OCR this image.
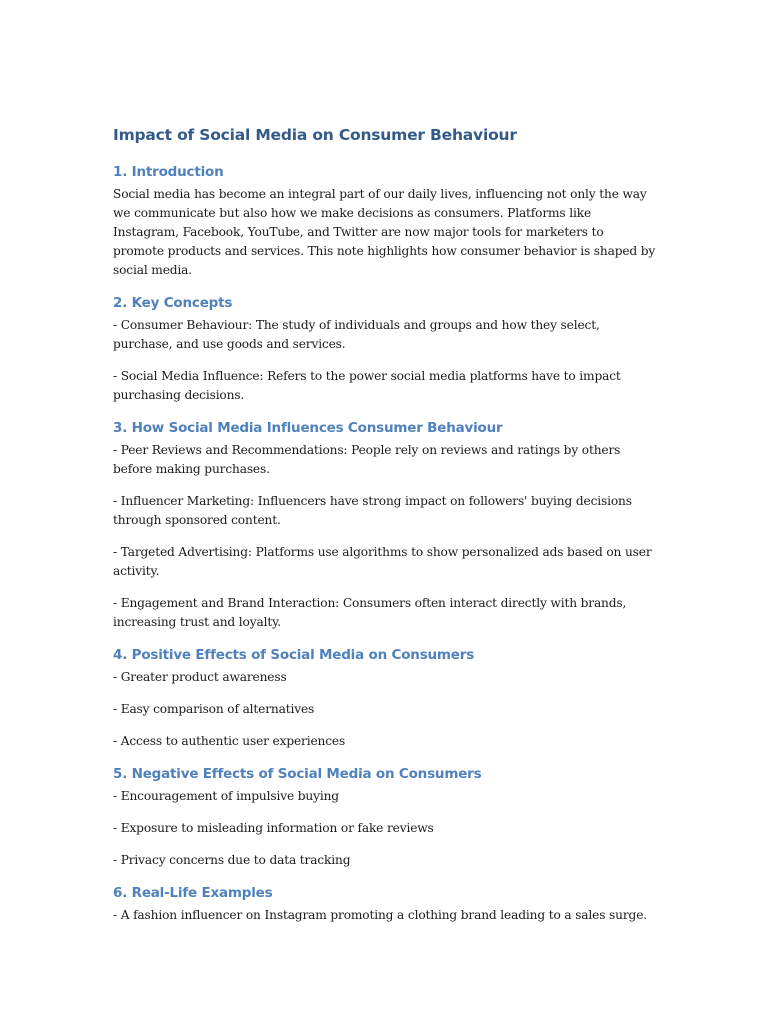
Impact of Social Media on Consumer Behaviour
1. Introduction

Social media has become an integral part of our daily lives, influencing not only the way we communicate but also how we make decisions as consumers. Platforms like Instagram, Facebook, YouTube, and Twitter are now major tools for marketers to promote products and services. This note highlights how consumer behavior is shaped by social media.

2. Key Concepts

- Consumer Behaviour: The study of individuals and groups and how they select, purchase, and use goods and services.

- Social Media Influence: Refers to the power social media platforms have to impact purchasing decisions.

3. How Social Media Influences Consumer Behaviour

- Peer Reviews and Recommendations: People rely on reviews and ratings by others before making purchases.

- Influencer Marketing: Influencers have strong impact on followers' buying decisions through sponsored content.

- Targeted Advertising: Platforms use algorithms to show personalized ads based on user activity.

- Engagement and Brand Interaction: Consumers often interact directly with brands, increasing trust and loyalty.

4. Positive Effects of Social Media on Consumers

- Greater product awareness

- Easy comparison of alternatives

- Access to authentic user experiences

5. Negative Effects of Social Media on Consumers

- Encouragement of impulsive buying

- Exposure to misleading information or fake reviews

- Privacy concerns due to data tracking

6. Real-Life Examples

- A fashion influencer on Instagram promoting a clothing brand leading to a sales surge.
